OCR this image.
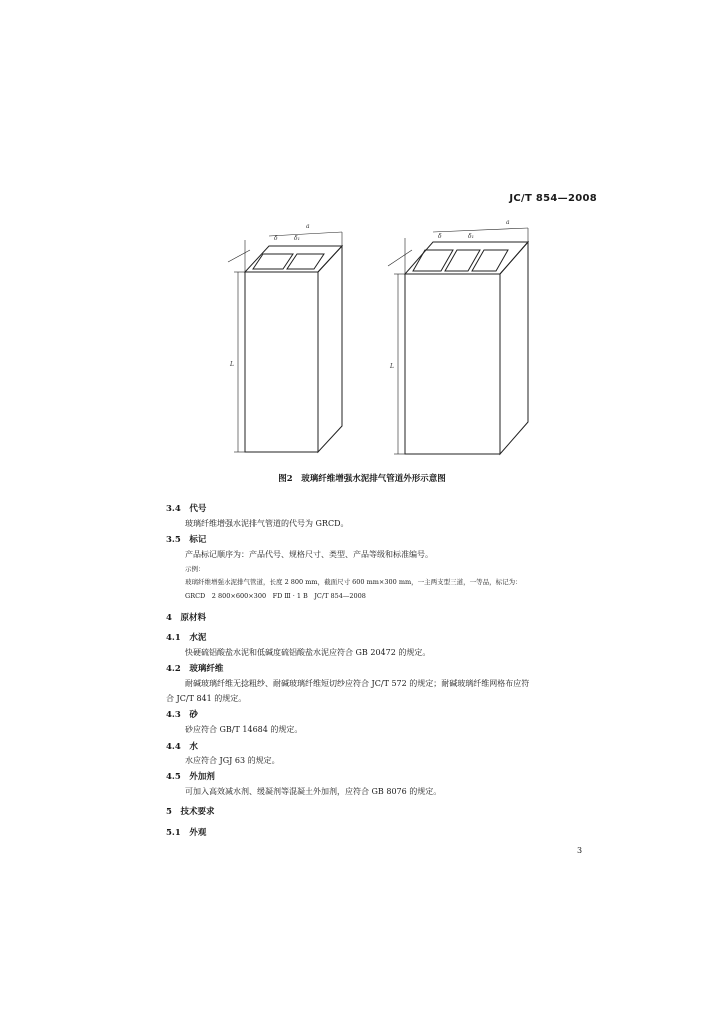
JC/T 854—2008
a
a
L	L
δ	δ₁	δ	δ₁
图2　玻璃纤维增强水泥排气管道外形示意图
3.4　 代号
玻璃纤维增强水泥排气管道的代号为 GRCD。
3.5　 标记
产品标记顺序为：产品代号、规格尺寸、类型、产品等级和标准编号。
示例：
玻璃纤维增强水泥排气管道，长度 2 800 mm，截面尺寸 600 mm×300 mm，一主两支型三道，一等品，标记为：
GRCD　2 800×600×300　FD Ⅲ · 1 B　JC/T 854—2008
4　 原材料
4.1　 水泥
快硬硫铝酸盐水泥和低碱度硫铝酸盐水泥应符合 GB 20472 的规定。
4.2　 玻璃纤维
耐碱玻璃纤维无捻粗纱、耐碱玻璃纤维短切纱应符合 JC/T 572 的规定；耐碱玻璃纤维网格布应符
合 JC/T 841 的规定。
4.3　 砂
砂应符合 GB/T 14684 的规定。
4.4　 水
水应符合 JGJ 63 的规定。
4.5　 外加剂
可加入高效减水剂、缓凝剂等混凝土外加剂，应符合 GB 8076 的规定。
5　 技术要求
5.1　 外观
3
